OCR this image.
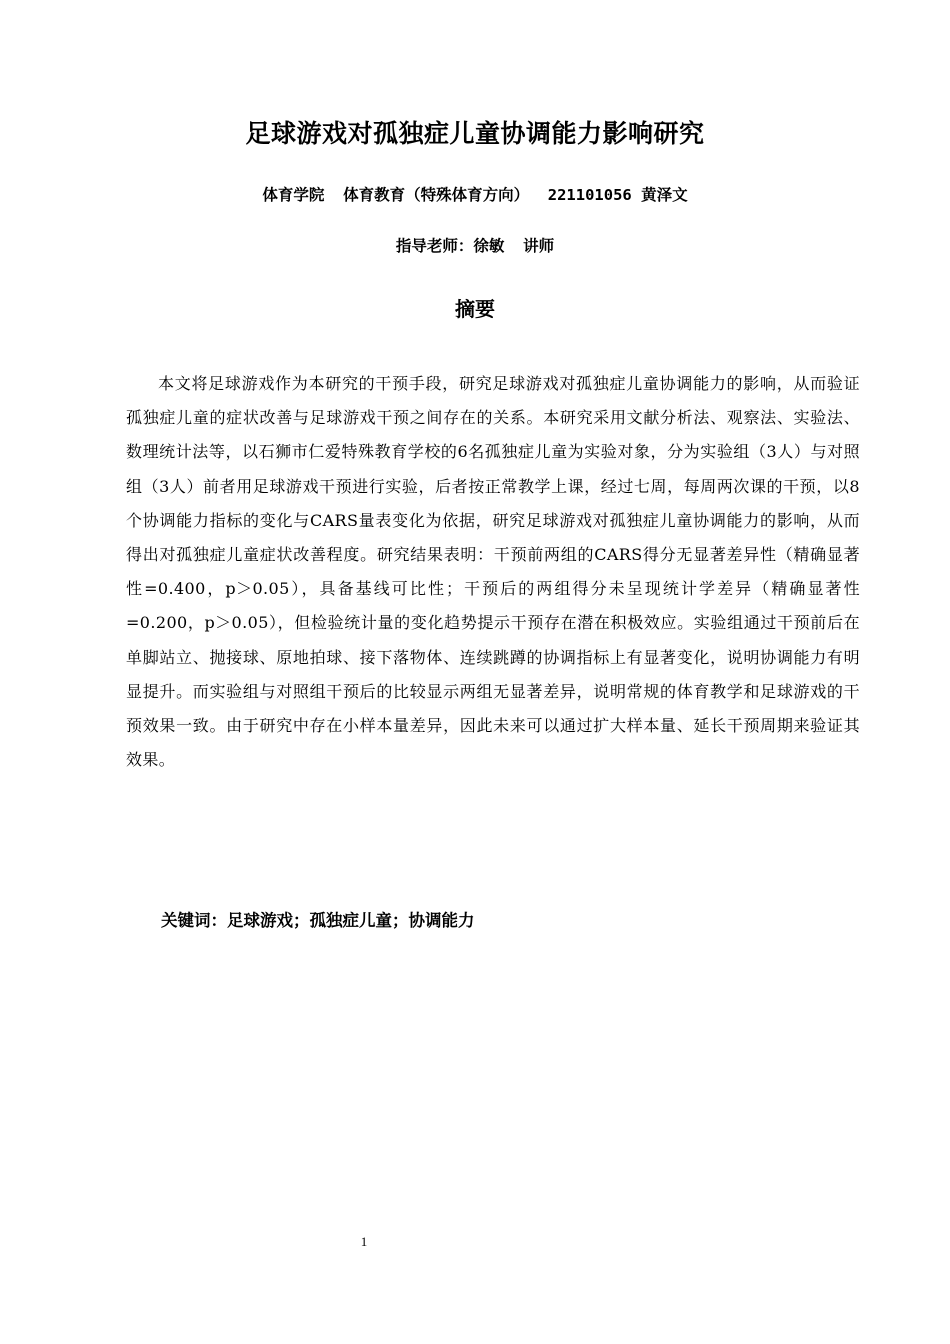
足球游戏对孤独症儿童协调能力影响研究
体育学院  体育教育（特殊体育方向）  221101056 黄泽文
指导老师：徐敏  讲师
摘要

本文将足球游戏作为本研究的干预手段，研究足球游戏对孤独症儿童协调能力的影响，从而验证孤独症儿童的症状改善与足球游戏干预之间存在的关系。本研究采用文献分析法、观察法、实验法、数理统计法等，以石狮市仁爱特殊教育学校的6名孤独症儿童为实验对象，分为实验组（3人）与对照组（3人）前者用足球游戏干预进行实验，后者按正常教学上课，经过七周，每周两次课的干预，以8个协调能力指标的变化与CARS量表变化为依据，研究足球游戏对孤独症儿童协调能力的影响，从而得出对孤独症儿童症状改善程度。研究结果表明：干预前两组的CARS得分无显著差异性（精确显著性=0.400，p＞0.05），具备基线可比性；干预后的两组得分未呈现统计学差异（精确显著性=0.200，p＞0.05），但检验统计量的变化趋势提示干预存在潜在积极效应。实验组通过干预前后在单脚站立、抛接球、原地拍球、接下落物体、连续跳蹲的协调指标上有显著变化，说明协调能力有明显提升。而实验组与对照组干预后的比较显示两组无显著差异，说明常规的体育教学和足球游戏的干预效果一致。由于研究中存在小样本量差异，因此未来可以通过扩大样本量、延长干预周期来验证其效果。

关键词：足球游戏；孤独症儿童；协调能力
1
